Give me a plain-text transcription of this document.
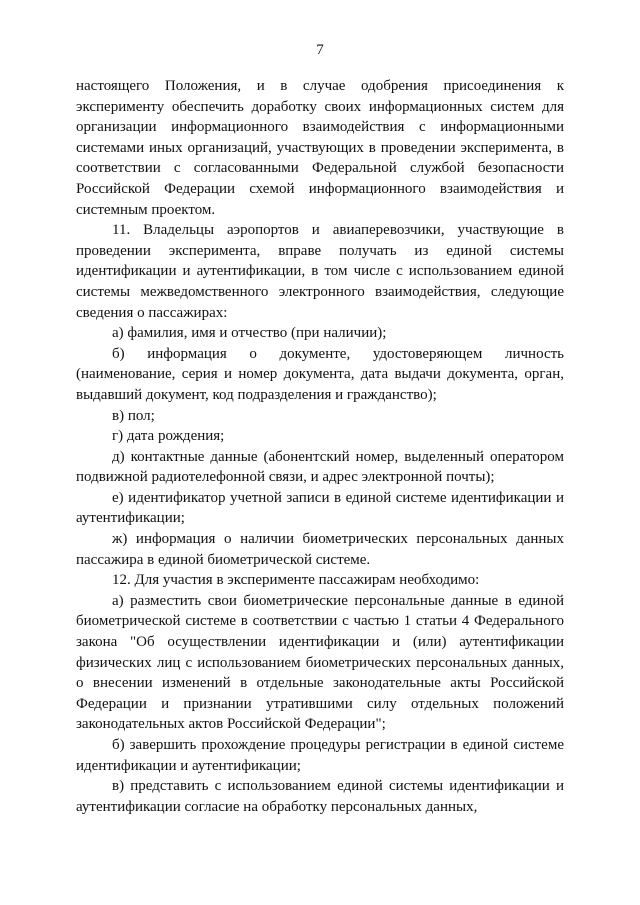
7

настоящего Положения, и в случае одобрения присоединения к эксперименту обеспечить доработку своих информационных систем для организации информационного взаимодействия с информационными системами иных организаций, участвующих в проведении эксперимента, в соответствии с согласованными Федеральной службой безопасности Российской Федерации схемой информационного взаимодействия и системным проектом.

11. Владельцы аэропортов и авиаперевозчики, участвующие в проведении эксперимента, вправе получать из единой системы идентификации и аутентификации, в том числе с использованием единой системы межведомственного электронного взаимодействия, следующие сведения о пассажирах:

а) фамилия, имя и отчество (при наличии);

б) информация о документе, удостоверяющем личность (наименование, серия и номер документа, дата выдачи документа, орган, выдавший документ, код подразделения и гражданство);

в) пол;

г) дата рождения;

д) контактные данные (абонентский номер, выделенный оператором подвижной радиотелефонной связи, и адрес электронной почты);

е) идентификатор учетной записи в единой системе идентификации и аутентификации;

ж) информация о наличии биометрических персональных данных пассажира в единой биометрической системе.

12. Для участия в эксперименте пассажирам необходимо:

а) разместить свои биометрические персональные данные в единой биометрической системе в соответствии с частью 1 статьи 4 Федерального закона "Об осуществлении идентификации и (или) аутентификации физических лиц с использованием биометрических персональных данных, о внесении изменений в отдельные законодательные акты Российской Федерации и признании утратившими силу отдельных положений законодательных актов Российской Федерации";

б) завершить прохождение процедуры регистрации в единой системе идентификации и аутентификации;

в) представить с использованием единой системы идентификации и аутентификации согласие на обработку персональных данных,
